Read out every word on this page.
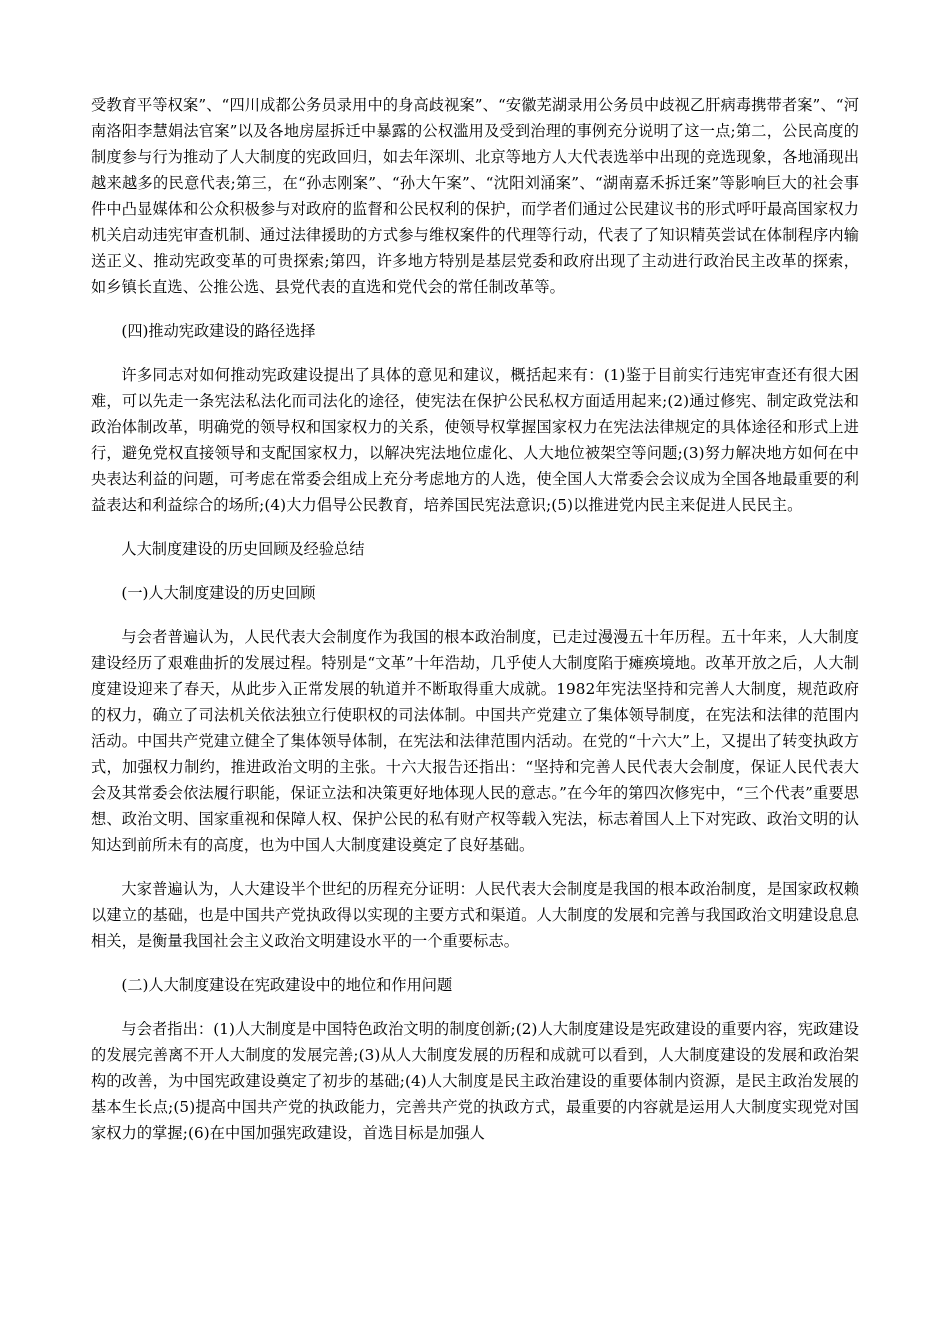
受教育平等权案”、“四川成都公务员录用中的身高歧视案”、“安徽芜湖录用公务员中歧视乙肝病毒携带者案”、“河南洛阳李慧娟法官案”以及各地房屋拆迁中暴露的公权滥用及受到治理的事例充分说明了这一点;第二，公民高度的制度参与行为推动了人大制度的宪政回归，如去年深圳、北京等地方人大代表选举中出现的竞选现象，各地涌现出越来越多的民意代表;第三，在“孙志刚案”、“孙大午案”、“沈阳刘涌案”、“湖南嘉禾拆迁案”等影响巨大的社会事件中凸显媒体和公众积极参与对政府的监督和公民权利的保护，而学者们通过公民建议书的形式呼吁最高国家权力机关启动违宪审查机制、通过法律援助的方式参与维权案件的代理等行动，代表了了知识精英尝试在体制程序内输送正义、推动宪政变革的可贵探索;第四，许多地方特别是基层党委和政府出现了主动进行政治民主改革的探索，如乡镇长直选、公推公选、县党代表的直选和党代会的常任制改革等。

(四)推动宪政建设的路径选择

许多同志对如何推动宪政建设提出了具体的意见和建议，概括起来有：(1)鉴于目前实行违宪审查还有很大困难，可以先走一条宪法私法化而司法化的途径，使宪法在保护公民私权方面适用起来;(2)通过修宪、制定政党法和政治体制改革，明确党的领导权和国家权力的关系，使领导权掌握国家权力在宪法法律规定的具体途径和形式上进行，避免党权直接领导和支配国家权力，以解决宪法地位虚化、人大地位被架空等问题;(3)努力解决地方如何在中央表达利益的问题，可考虑在常委会组成上充分考虑地方的人选，使全国人大常委会会议成为全国各地最重要的利益表达和利益综合的场所;(4)大力倡导公民教育，培养国民宪法意识;(5)以推进党内民主来促进人民民主。

人大制度建设的历史回顾及经验总结

(一)人大制度建设的历史回顾

与会者普遍认为，人民代表大会制度作为我国的根本政治制度，已走过漫漫五十年历程。五十年来，人大制度建设经历了艰难曲折的发展过程。特别是“文革”十年浩劫，几乎使人大制度陷于瘫痪境地。改革开放之后，人大制度建设迎来了春天，从此步入正常发展的轨道并不断取得重大成就。1982年宪法坚持和完善人大制度，规范政府的权力，确立了司法机关依法独立行使职权的司法体制。中国共产党建立了集体领导制度，在宪法和法律的范围内活动。中国共产党建立健全了集体领导体制，在宪法和法律范围内活动。在党的“十六大”上，又提出了转变执政方式，加强权力制约，推进政治文明的主张。十六大报告还指出：“坚持和完善人民代表大会制度，保证人民代表大会及其常委会依法履行职能，保证立法和决策更好地体现人民的意志。”在今年的第四次修宪中，“三个代表”重要思想、政治文明、国家重视和保障人权、保护公民的私有财产权等载入宪法，标志着国人上下对宪政、政治文明的认知达到前所未有的高度，也为中国人大制度建设奠定了良好基础。

大家普遍认为，人大建设半个世纪的历程充分证明：人民代表大会制度是我国的根本政治制度，是国家政权赖以建立的基础，也是中国共产党执政得以实现的主要方式和渠道。人大制度的发展和完善与我国政治文明建设息息相关，是衡量我国社会主义政治文明建设水平的一个重要标志。

(二)人大制度建设在宪政建设中的地位和作用问题

与会者指出：(1)人大制度是中国特色政治文明的制度创新;(2)人大制度建设是宪政建设的重要内容，宪政建设的发展完善离不开人大制度的发展完善;(3)从人大制度发展的历程和成就可以看到，人大制度建设的发展和政治架构的改善，为中国宪政建设奠定了初步的基础;(4)人大制度是民主政治建设的重要体制内资源，是民主政治发展的基本生长点;(5)提高中国共产党的执政能力，完善共产党的执政方式，最重要的内容就是运用人大制度实现党对国家权力的掌握;(6)在中国加强宪政建设，首选目标是加强人
